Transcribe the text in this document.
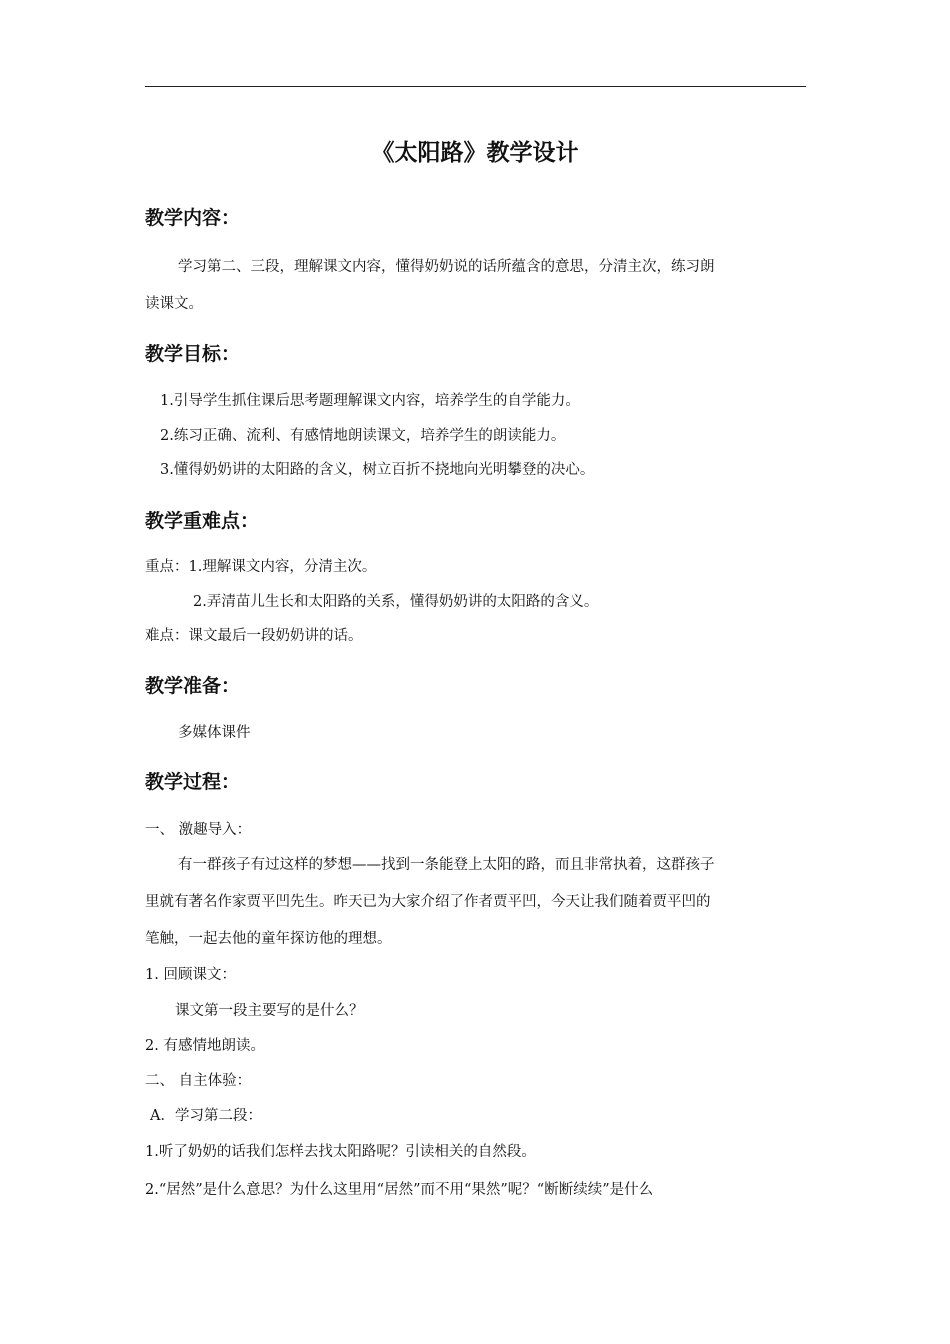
《太阳路》教学设计
教学内容：
学习第二、三段，理解课文内容，懂得奶奶说的话所蕴含的意思，分清主次，练习朗
读课文。
教学目标：
1.引导学生抓住课后思考题理解课文内容，培养学生的自学能力。
2.练习正确、流利、有感情地朗读课文，培养学生的朗读能力。
3.懂得奶奶讲的太阳路的含义，树立百折不挠地向光明攀登的决心。
教学重难点：
重点：1.理解课文内容，分清主次。
2.弄清苗儿生长和太阳路的关系，懂得奶奶讲的太阳路的含义。
难点：课文最后一段奶奶讲的话。
教学准备：
多媒体课件
教学过程：
一、 激趣导入：
有一群孩子有过这样的梦想——找到一条能登上太阳的路，而且非常执着，这群孩子
里就有著名作家贾平凹先生。昨天已为大家介绍了作者贾平凹，今天让我们随着贾平凹的
笔触，一起去他的童年探访他的理想。
1. 回顾课文：
课文第一段主要写的是什么？
2. 有感情地朗读。
二、 自主体验：
A．学习第二段：
1.听了奶奶的话我们怎样去找太阳路呢？引读相关的自然段。
2.“居然”是什么意思？为什么这里用“居然”而不用“果然”呢？“断断续续”是什么
